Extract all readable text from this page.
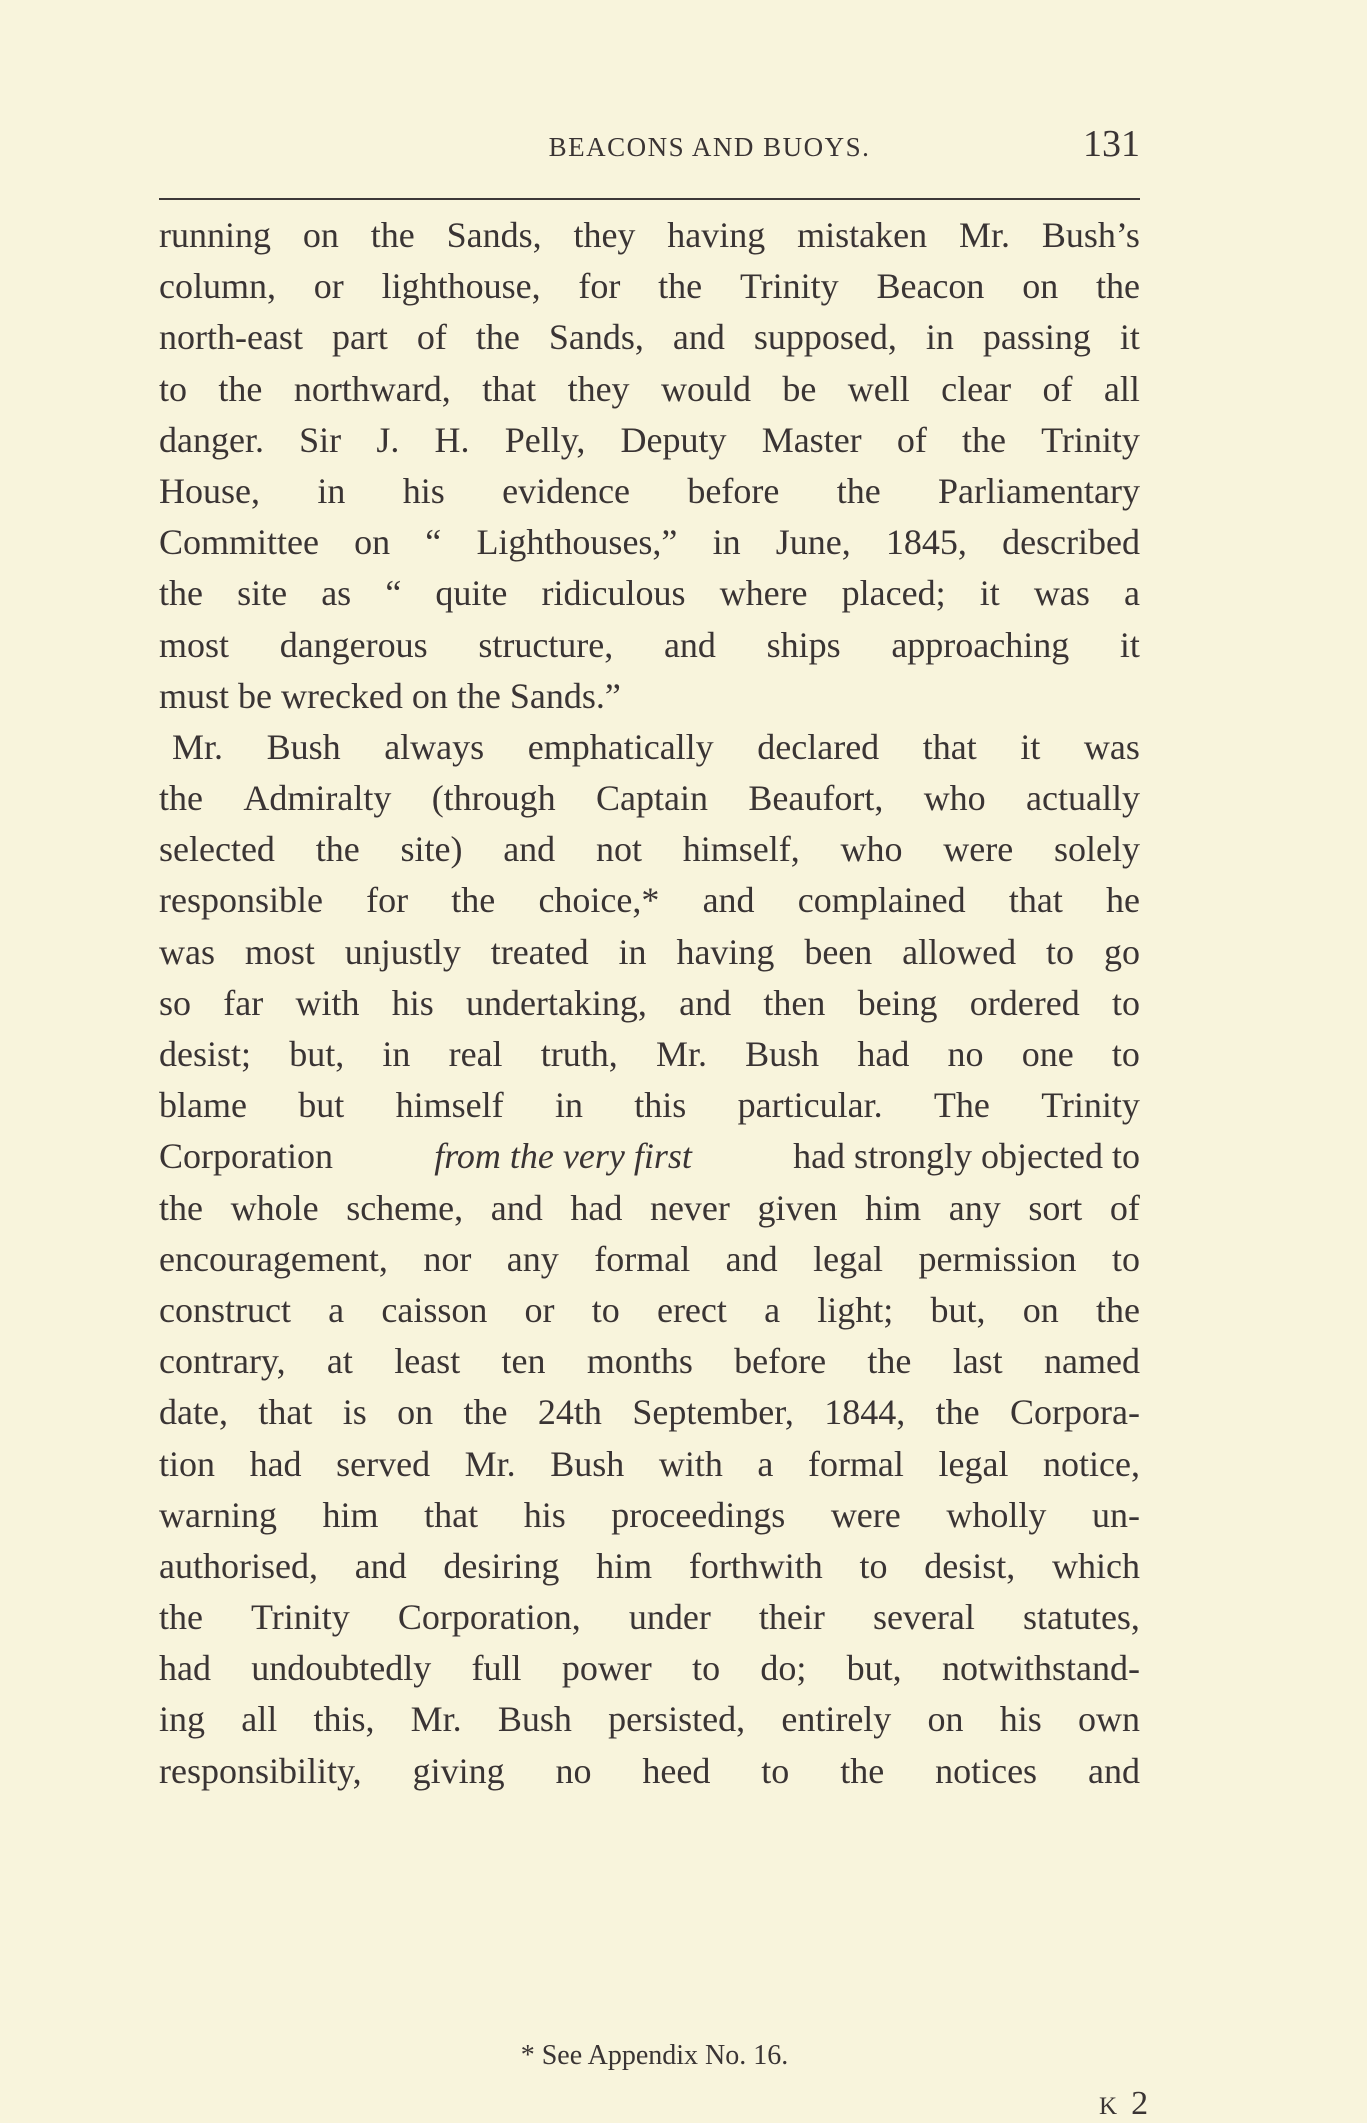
BEACONS AND BUOYS.	131
running on the Sands, they having mistaken Mr. Bush’s
column, or lighthouse, for the Trinity Beacon on the
north-east part of the Sands, and supposed, in passing it
to the northward, that they would be well clear of all
danger. Sir J. H. Pelly, Deputy Master of the Trinity
House, in his evidence before the Parliamentary
Committee on “ Lighthouses,” in June, 1845, described
the site as “ quite ridiculous where placed; it was a
most dangerous structure, and ships approaching it
must be wrecked on the Sands.”
Mr. Bush always emphatically declared that it was
the Admiralty (through Captain Beaufort, who actually
selected the site) and not himself, who were solely
responsible for the choice,* and complained that he
was most unjustly treated in having been allowed to go
so far with his undertaking, and then being ordered to
desist; but, in real truth, Mr. Bush had no one to
blame but himself in this particular. The Trinity
Corporation	from the very first	had strongly objected to
the whole scheme, and had never given him any sort of
encouragement, nor any formal and legal permission to
construct a caisson or to erect a light; but, on the
contrary, at least ten months before the last named
date, that is on the 24th September, 1844, the Corpora-
tion had served Mr. Bush with a formal legal notice,
warning him that his proceedings were wholly un-
authorised, and desiring him forthwith to desist, which
the Trinity Corporation, under their several statutes,
had undoubtedly full power to do; but, notwithstand-
ing all this, Mr. Bush persisted, entirely on his own
responsibility, giving no heed to the notices and
* See Appendix No. 16.
K 2
